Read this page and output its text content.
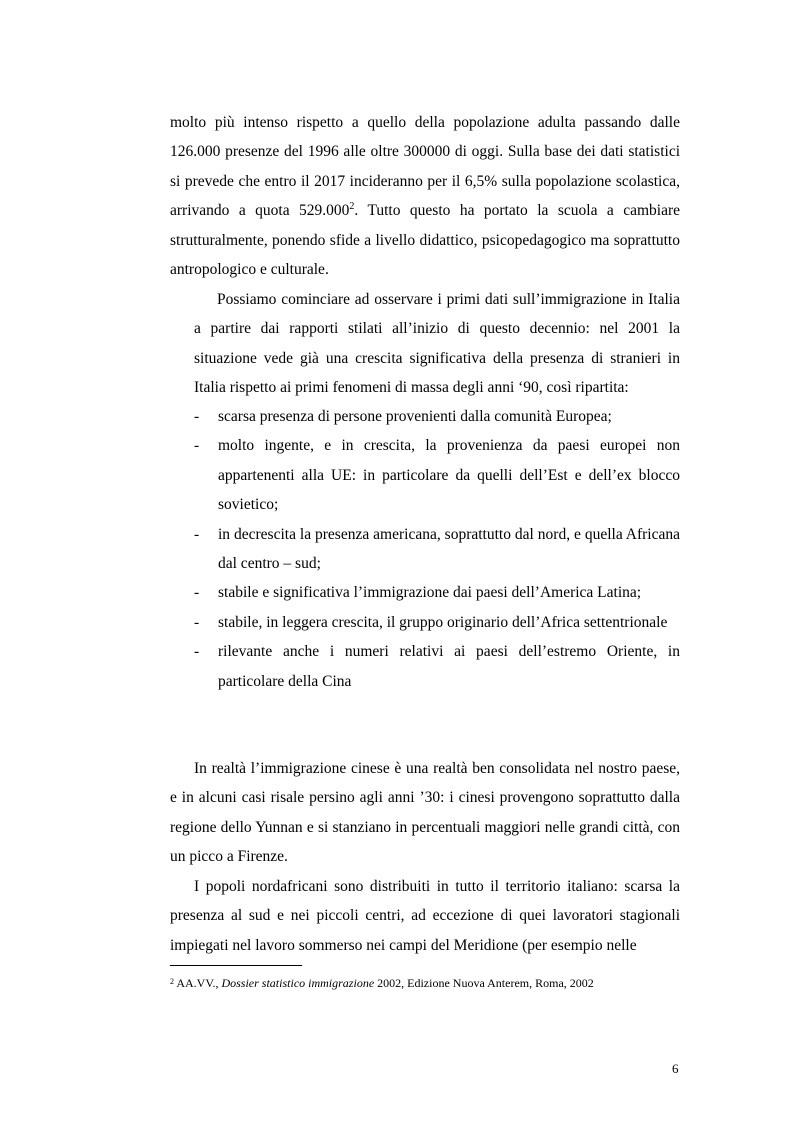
molto più intenso rispetto a quello della popolazione adulta passando dalle 126.000 presenze del 1996 alle oltre 300000 di oggi. Sulla base dei dati statistici si prevede che entro il 2017 incideranno per il 6,5% sulla popolazione scolastica, arrivando a quota 529.000$^2$. Tutto questo ha portato la scuola a cambiare strutturalmente, ponendo sfide a livello didattico, psicopedagogico ma soprattutto antropologico e culturale.

Possiamo cominciare ad osservare i primi dati sull’immigrazione in Italia a partire dai rapporti stilati all’inizio di questo decennio: nel 2001 la situazione vede già una crescita significativa della presenza di stranieri in Italia rispetto ai primi fenomeni di massa degli anni ‘90, così ripartita:

- scarsa presenza di persone provenienti dalla comunità Europea;
- molto ingente, e in crescita, la provenienza da paesi europei non appartenenti alla UE: in particolare da quelli dell’Est e dell’ex blocco sovietico;
- in decrescita la presenza americana, soprattutto dal nord, e quella Africana dal centro – sud;
- stabile e significativa l’immigrazione dai paesi dell’America Latina;
- stabile, in leggera crescita, il gruppo originario dell’Africa settentrionale
- rilevante anche i numeri relativi ai paesi dell’estremo Oriente, in particolare della Cina

In realtà l’immigrazione cinese è una realtà ben consolidata nel nostro paese, e in alcuni casi risale persino agli anni ’30: i cinesi provengono soprattutto dalla regione dello Yunnan e si stanziano in percentuali maggiori nelle grandi città, con un picco a Firenze.

I popoli nordafricani sono distribuiti in tutto il territorio italiano: scarsa la presenza al sud e nei piccoli centri, ad eccezione di quei lavoratori stagionali impiegati nel lavoro sommerso nei campi del Meridione (per esempio nelle

$^2$ AA.VV., Dossier statistico immigrazione 2002, Edizione Nuova Anterem, Roma, 2002

6
